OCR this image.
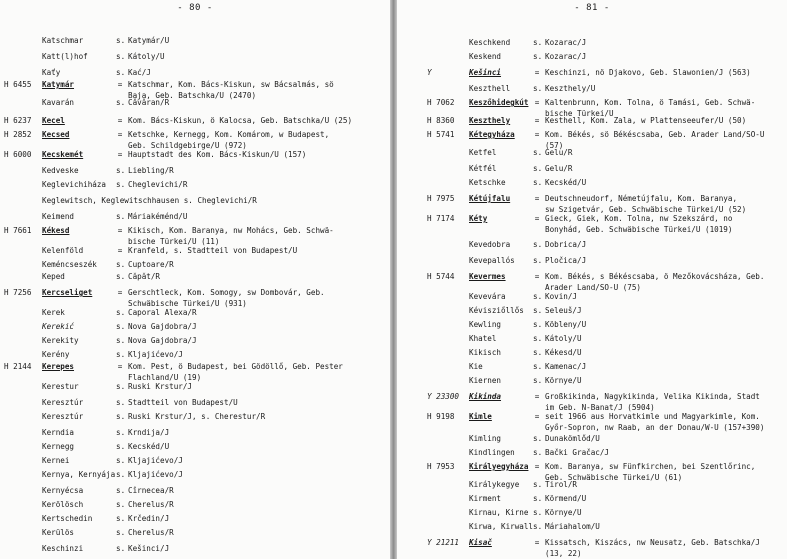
- 80 -
Katschmar	s. Katymár/U
Katt(l)hof	s. Kátoly/U
Kaťy	s. Kać/J
H 6455	Katymár	= Katschmar, Kom. Bács-Kiskun, sw Bácsalmás, sö
Baja, Geb. Batschka/U (2470)
Kavarán	s. Cǎvǎran/R
H 6237	Kecel	= Kom. Bács-Kiskun, ö Kalocsa, Geb. Batschka/U (25)
H 2852	Kecsed	= Ketschke, Kernegg, Kom. Komárom, w Budapest,
Geb. Schildgebirge/U (972)
H 6000	Kecskemét	= Hauptstadt des Kom. Bács-Kiskun/U (157)
Kedveske	s. Liebling/R
Keglevichiháza s. Cheglevichi/R
Keglewitsch, Keglewitschhausen s. Cheglevichi/R
Keimend	s. Máriakéménd/U
H 7661	Kékesd	= Kikisch, Kom. Baranya, nw Mohács, Geb. Schwä-
bische Türkei/U (11)
Kelenföld	= Kranfeld, s. Stadtteil von Budapest/U
Keméncseszék	s. Cuptoare/R
Keped	s. Căpăt/R
H 7256	Kercseliget	= Gerschtleck, Kom. Somogy, sw Dombovár, Geb.
Schwäbische Türkei/U (931)
Kerek	s. Caporal Alexa/R
Kerekić	s. Nova Gajdobra/J
Kerekity	s. Nova Gajdobra/J
Kerény	s. Kljajićevo/J
H 2144	Kerepes	= Kom. Pest, ö Budapest, bei Gödöllő, Geb. Pester
Flachland/U (19)
Kerestur	s. Ruski Krstur/J
Keresztúr	s. Stadtteil von Budapest/U
Keresztúr	s. Ruski Krstur/J, s. Cherestur/R
Kerndia	s. Krndija/J
Kernegg	s. Kecskéd/U
Kernei	s. Kljajićevo/J
Kernya, Kernyája s. Kljajićevo/J
Kernyécsa	s. Cîrnecea/R
Kerölösch	s. Cherelus/R
Kertschedin	s. Krčedin/J
Kerülös	s. Cherelus/R
Keschinzi	s. Kešinci/J
- 81 -
Keschkend	s. Kozarac/J
Keskend	s. Kozarac/J
Y	Kešinci	= Keschinzi, nö Djakovo, Geb. Slawonien/J (563)
Keszthell	s. Keszthely/U
H 7062	Keszőhidegkút = Kaltenbrunn, Kom. Tolna, ö Tamási, Geb. Schwä-
bische Türkei/U
H 8360	Keszthely	= Kesthell, Kom. Zala, w Plattenseeufer/U (50)
H 5741	Kétegyháza	= Kom. Békés, sö Békéscsaba, Geb. Arader Land/SO-U
(57)
Ketfel	s. Gelu/R
Kétfél	s. Gelu/R
Ketschke	s. Kecskéd/U
H 7975	Kétújfalu	= Deutschneudorf, Németújfalu, Kom. Baranya,
sw Szigetvár, Geb. Schwäbische Türkei/U (52)
H 7174	Kéty	= Gieck, Giek, Kom. Tolna, nw Szekszárd, no
Bonyhád, Geb. Schwäbische Türkei/U (1019)
Kevedobra	s. Dobrica/J
Kevepallós s. Pločica/J
H 5744	Kevermes	= Kom. Békés, s Békéscsaba, ö Mezőkovácsháza, Geb.
Arader Land/SO-U (75)
Kevevára	s. Kovin/J
Kévisziőllős s. Seleuš/J
Kewling	s. Köbleny/U
Khatel	s. Kátoly/U
Kikisch	s. Kékesd/U
Kie	s. Kamenac/J
Kiernen	s. Környe/U
Y 23300	Kikinda	= Großkikinda, Nagykikinda, Velika Kikinda, Stadt
im Geb. N-Banat/J (5904)
H 9198	Kimle	= seit 1966 aus Horvatkimle und Magyarkimle, Kom.
Győr-Sopron, nw Raab, an der Donau/W-U (157+390)
Kimling	s. Dunakömlőd/U
Kindlingen s. Bački Gračac/J
H 7953	Királyegyháza = Kom. Baranya, sw Fünfkirchen, bei Szentlőrinc,
Geb. Schwäbische Türkei/U (61)
Királykegye s. Tirol/R
Kirment	s. Körmend/U
Kirnau, Kirne s. Környe/U
Kirwa, Kirwall s. Máriahalom/U
Y 21211	Kisač	= Kissatsch, Kiszács, nw Neusatz, Geb. Batschka/J
(13, 22)
